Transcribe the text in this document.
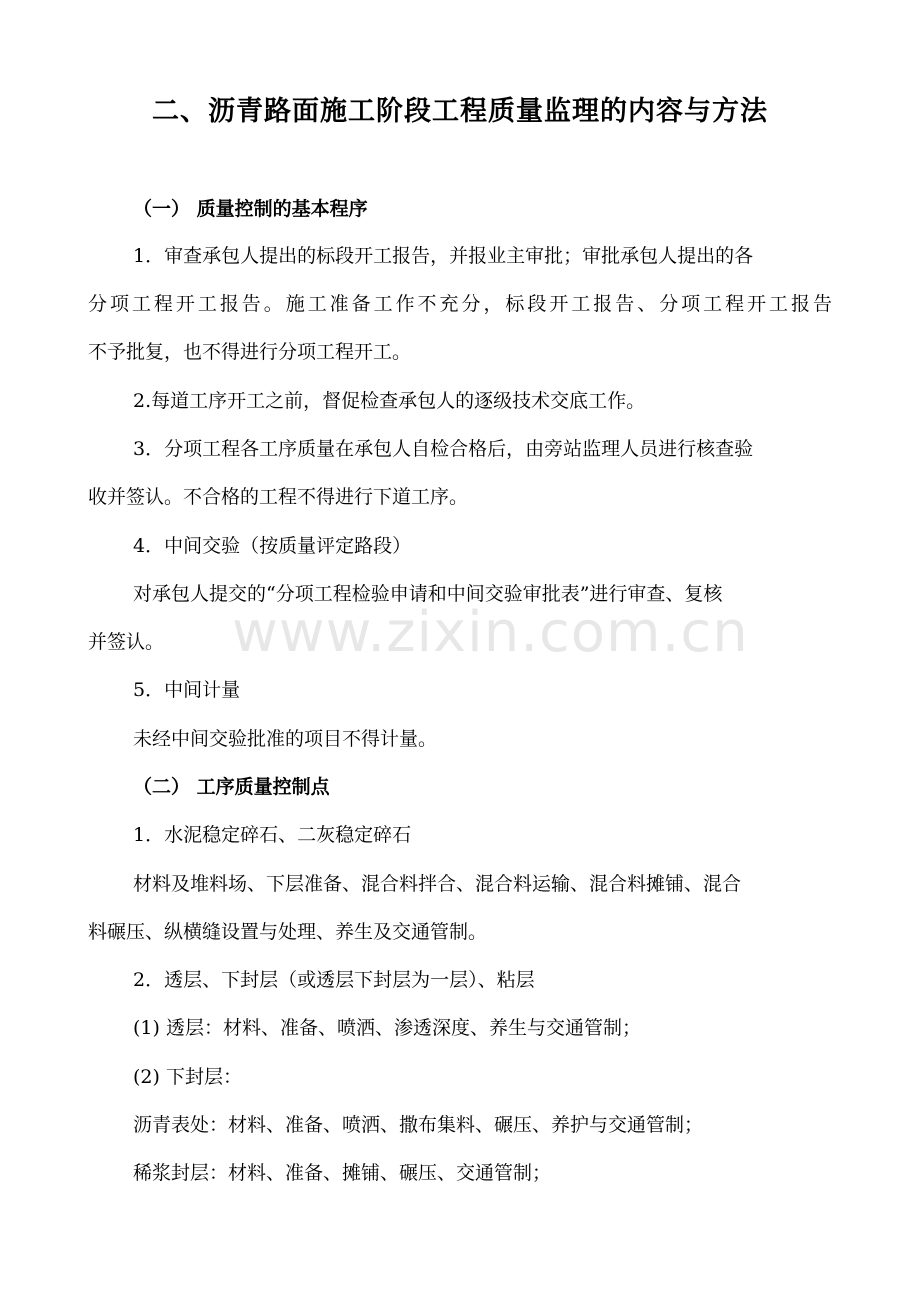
二、沥青路面施工阶段工程质量监理的内容与方法

（一） 质量控制的基本程序

1．审查承包人提出的标段开工报告，并报业主审批；审批承包人提出的各

分项工程开工报告。施工准备工作不充分，标段开工报告、分项工程开工报告

不予批复，也不得进行分项工程开工。

2.每道工序开工之前，督促检查承包人的逐级技术交底工作。

3．分项工程各工序质量在承包人自检合格后，由旁站监理人员进行核查验

收并签认。不合格的工程不得进行下道工序。

4．中间交验（按质量评定路段）

对承包人提交的“分项工程检验申请和中间交验审批表”进行审查、复核

并签认。

5．中间计量

未经中间交验批准的项目不得计量。

（二） 工序质量控制点

1．水泥稳定碎石、二灰稳定碎石

材料及堆料场、下层准备、混合料拌合、混合料运输、混合料摊铺、混合

料碾压、纵横缝设置与处理、养生及交通管制。

2．透层、下封层（或透层下封层为一层）、粘层

(1) 透层：材料、准备、喷洒、渗透深度、养生与交通管制；

(2) 下封层：

沥青表处：材料、准备、喷洒、撒布集料、碾压、养护与交通管制；

稀浆封层：材料、准备、摊铺、碾压、交通管制；

www.zixin.com.cn
